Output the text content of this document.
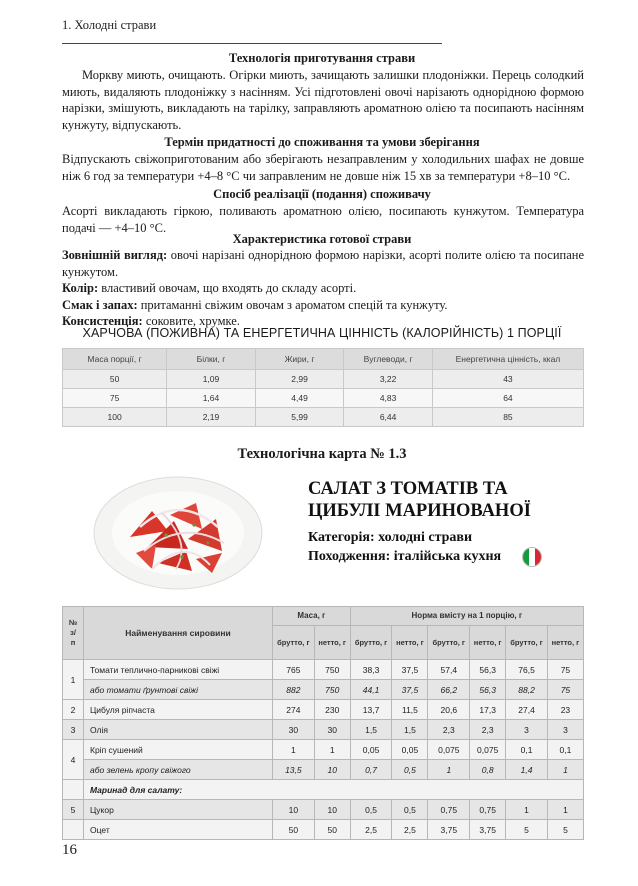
1. Холодні страви
Технологія приготування страви
Моркву миють, очищають. Огірки миють, зачищають залишки плодоніжки. Перець солодкий миють, видаляють плодоніжку з насінням. Усі підготовлені овочі нарізають однорідною формою нарізки, змішують, викладають на тарілку, заправляють ароматною олією та посипають насінням кунжуту, відпускають.
Термін придатності до споживання та умови зберігання
Відпускають свіжоприготованим або зберігають незаправленим у холодильних шафах не довше ніж 6 год за температури +4–8 °С чи заправленим не довше ніж 15 хв за температури +8–10 °С.
Спосіб реалізації (подання) споживачу
Асорті викладають гіркою, поливають ароматною олією, посипають кунжутом. Температура подачі — +4–10 °С.
Характеристика готової страви
Зовнішній вигляд: овочі нарізані однорідною формою нарізки, асорті полите олією та посипане кунжутом.
Колір: властивий овочам, що входять до складу асорті.
Смак і запах: притаманні свіжим овочам з ароматом спецій та кунжуту.
Консистенція: соковите, хрумке.
ХАРЧОВА (ПОЖИВНА) ТА ЕНЕРГЕТИЧНА ЦІННІСТЬ (КАЛОРІЙНІСТЬ) 1 ПОРЦІЇ
Маса порції, г	Білки, г	Жири, г	Вуглеводи, г	Енергетична цінність, ккал
50	1,09	2,99	3,22	43
75	1,64	4,49	4,83	64
100	2,19	5,99	6,44	85
Технологічна карта № 1.3
САЛАТ З ТОМАТІВ ТА
ЦИБУЛІ МАРИНОВАНОЇ
Категорія: холодні страви
Походження: італійська кухня
№
з/
п	Найменування сировини	Маса, г		Норма вмісту на 1 порцію, г					
		брутто, г	нетто, г	брутто, г	нетто, г	брутто, г	нетто, г	брутто, г	нетто, г
1	Томати теплично-парникові свіжі	765	750	38,3	37,5	57,4	56,3	76,5	75
	або томати ґрунтові свіжі	882	750	44,1	37,5	66,2	56,3	88,2	75
2	Цибуля ріпчаста	274	230	13,7	11,5	20,6	17,3	27,4	23
3	Олія	30	30	1,5	1,5	2,3	2,3	3	3
4	Кріп сушений	1	1	0,05	0,05	0,075	0,075	0,1	0,1
	або зелень кропу свіжого	13,5	10	0,7	0,5	1	0,8	1,4	1
	Маринад для салату:								
5	Цукор	10	10	0,5	0,5	0,75	0,75	1	1
	Оцет	50	50	2,5	2,5	3,75	3,75	5	5
16
